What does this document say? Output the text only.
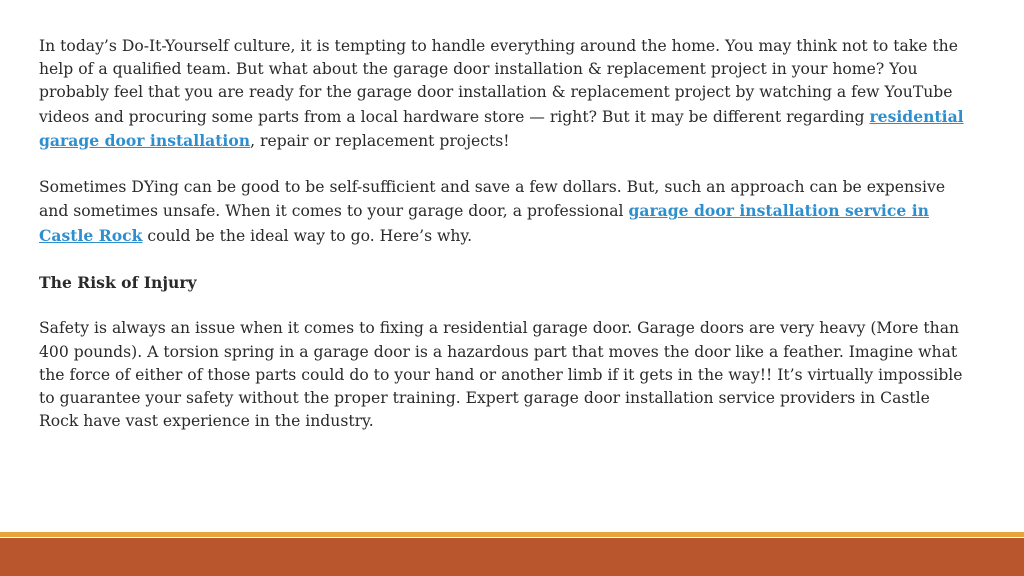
In today’s Do-It-Yourself culture, it is tempting to handle everything around the home. You may think not to take the help of a qualified team. But what about the garage door installation & replacement project in your home? You probably feel that you are ready for the garage door installation & replacement project by watching a few YouTube videos and procuring some parts from a local hardware store — right? But it may be different regarding residential garage door installation, repair or replacement projects!

Sometimes DYing can be good to be self-sufficient and save a few dollars. But, such an approach can be expensive and sometimes unsafe. When it comes to your garage door, a professional garage door installation service in Castle Rock could be the ideal way to go. Here’s why.

The Risk of Injury

Safety is always an issue when it comes to fixing a residential garage door. Garage doors are very heavy (More than 400 pounds). A torsion spring in a garage door is a hazardous part that moves the door like a feather. Imagine what the force of either of those parts could do to your hand or another limb if it gets in the way!! It’s virtually impossible to guarantee your safety without the proper training. Expert garage door installation service providers in Castle Rock have vast experience in the industry.
